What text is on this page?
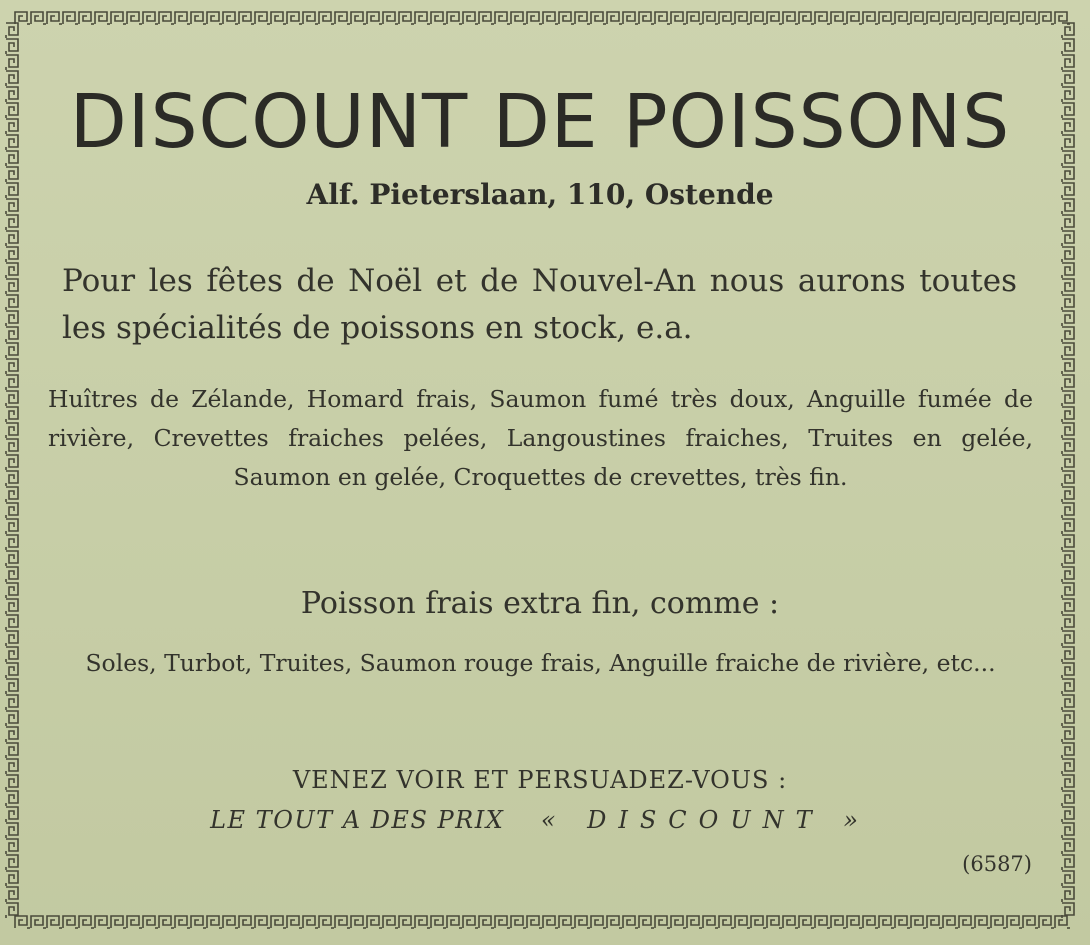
DISCOUNT DE POISSONS
Alf. Pieterslaan, 110, Ostende
Pour les fêtes de Noël et de Nouvel-An nous aurons toutes les spécialités de poissons en stock, e.a.
Huîtres de Zélande, Homard frais, Saumon fumé très doux, Anguille fumée de rivière, Crevettes fraiches pelées, Langoustines fraiches, Truites en gelée, Saumon en gelée, Croquettes de crevettes, très fin.
Poisson frais extra fin, comme :
Soles, Turbot, Truites, Saumon rouge frais, Anguille fraiche de rivière, etc...
VENEZ VOIR ET PERSUADEZ-VOUS :
LE TOUT A DES PRIX « DISCOUNT »
(6587)
